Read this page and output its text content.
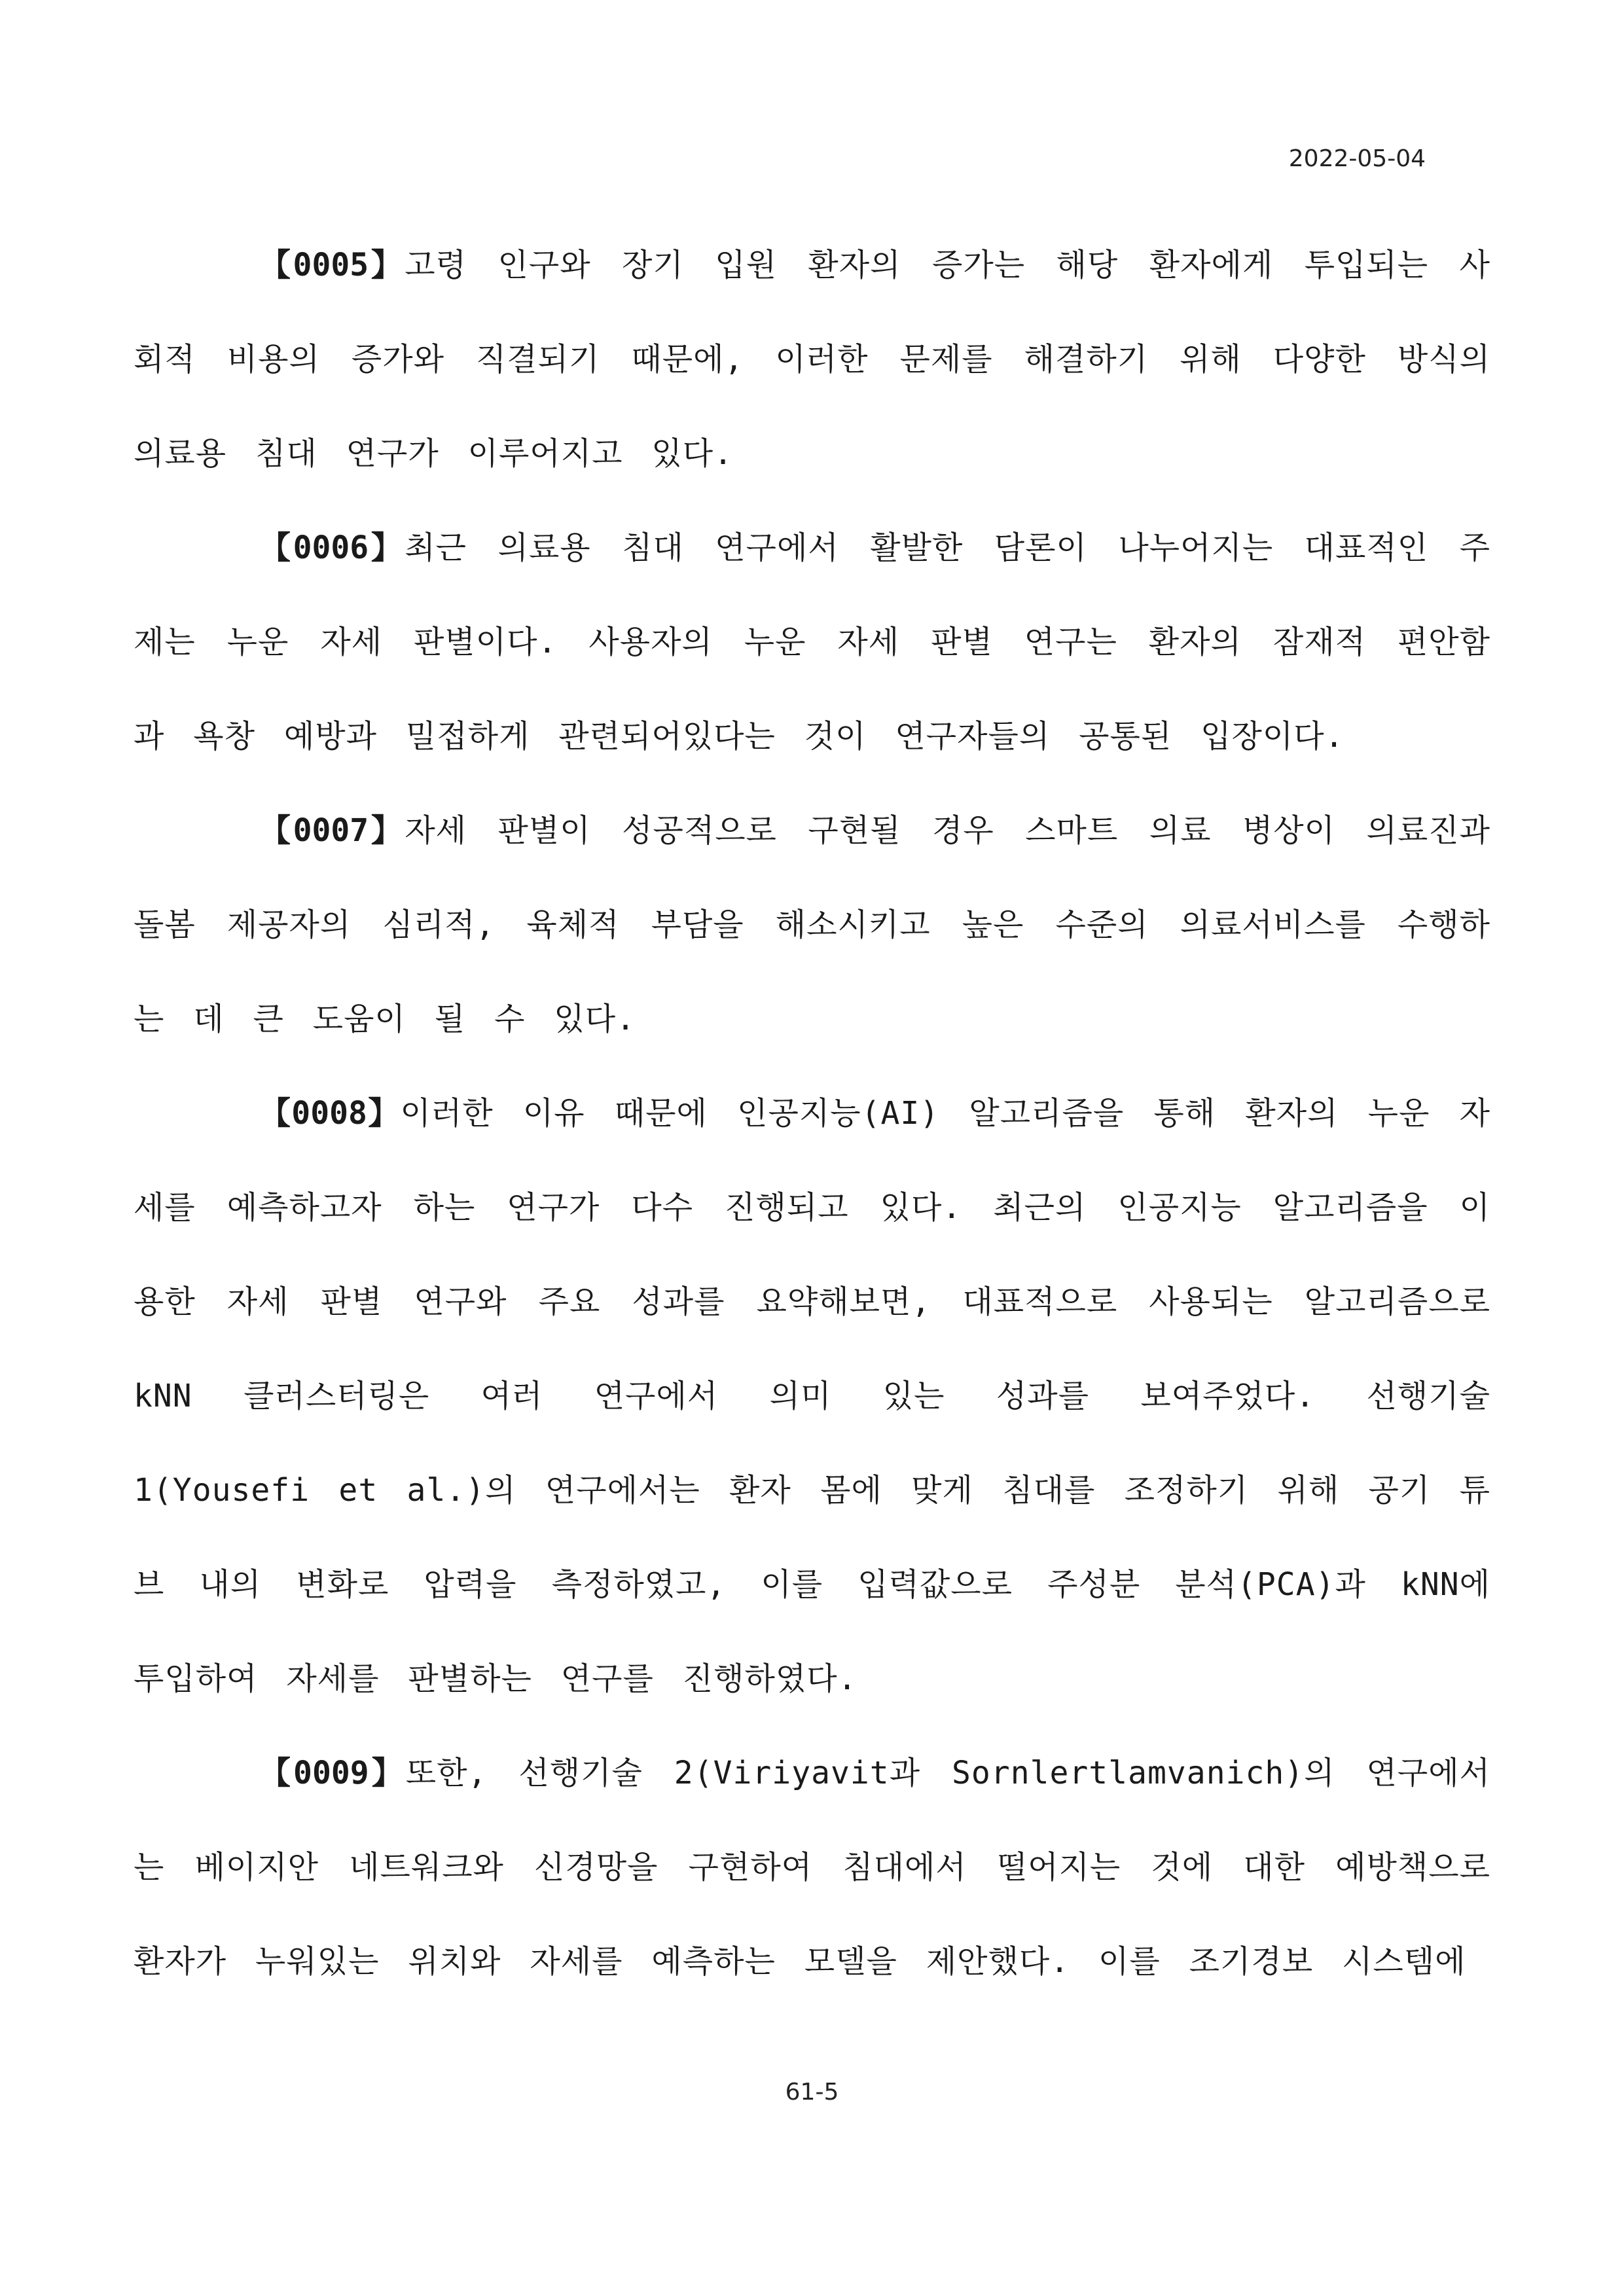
2022-05-04

【0005】고령 인구와 장기 입원 환자의 증가는 해당 환자에게 투입되는 사회적 비용의 증가와 직결되기 때문에, 이러한 문제를 해결하기 위해 다양한 방식의 의료용 침대 연구가 이루어지고 있다.

【0006】최근 의료용 침대 연구에서 활발한 담론이 나누어지는 대표적인 주제는 누운 자세 판별이다. 사용자의 누운 자세 판별 연구는 환자의 잠재적 편안함과 욕창 예방과 밀접하게 관련되어있다는 것이 연구자들의 공통된 입장이다.

【0007】자세 판별이 성공적으로 구현될 경우 스마트 의료 병상이 의료진과 돌봄 제공자의 심리적, 육체적 부담을 해소시키고 높은 수준의 의료서비스를 수행하는 데 큰 도움이 될 수 있다.

【0008】이러한 이유 때문에 인공지능(AI) 알고리즘을 통해 환자의 누운 자세를 예측하고자 하는 연구가 다수 진행되고 있다. 최근의 인공지능 알고리즘을 이용한 자세 판별 연구와 주요 성과를 요약해보면, 대표적으로 사용되는 알고리즘으로 kNN 클러스터링은 여러 연구에서 의미 있는 성과를 보여주었다. 선행기술 1(Yousefi et al.)의 연구에서는 환자 몸에 맞게 침대를 조정하기 위해 공기 튜브 내의 변화로 압력을 측정하였고, 이를 입력값으로 주성분 분석(PCA)과 kNN에 투입하여 자세를 판별하는 연구를 진행하였다.

【0009】또한, 선행기술 2(Viriyavit과 Sornlertlamvanich)의 연구에서는 베이지안 네트워크와 신경망을 구현하여 침대에서 떨어지는 것에 대한 예방책으로 환자가 누워있는 위치와 자세를 예측하는 모델을 제안했다. 이를 조기경보 시스템에

61-5
